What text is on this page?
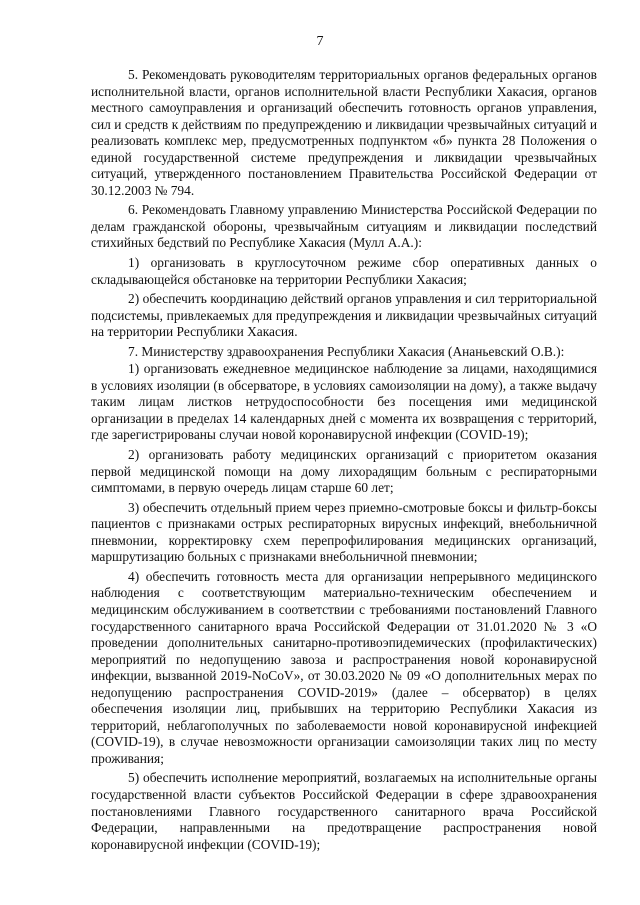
7

5. Рекомендовать руководителям территориальных органов федеральных органов исполнительной власти, органов исполнительной власти Республики Хакасия, органов местного самоуправления и организаций обеспечить готовность органов управления, сил и средств к действиям по предупреждению и ликвидации чрезвычайных ситуаций и реализовать комплекс мер, предусмотренных подпунктом «б» пункта 28 Положения о единой государственной системе предупреждения и ликвидации чрезвычайных ситуаций, утвержденного постановлением Правительства Российской Федерации от 30.12.2003 № 794.

6. Рекомендовать Главному управлению Министерства Российской Федерации по делам гражданской обороны, чрезвычайным ситуациям и ликвидации последствий стихийных бедствий по Республике Хакасия (Мулл А.А.):

1) организовать в круглосуточном режиме сбор оперативных данных о складывающейся обстановке на территории Республики Хакасия;

2) обеспечить координацию действий органов управления и сил территориальной подсистемы, привлекаемых для предупреждения и ликвидации чрезвычайных ситуаций на территории Республики Хакасия.

7. Министерству здравоохранения Республики Хакасия (Ананьевский О.В.):

1) организовать ежедневное медицинское наблюдение за лицами, находящимися в условиях изоляции (в обсерваторе, в условиях самоизоляции на дому), а также выдачу таким лицам листков нетрудоспособности без посещения ими медицинской организации в пределах 14 календарных дней с момента их возвращения с территорий, где зарегистрированы случаи новой коронавирусной инфекции (COVID-19);

2) организовать работу медицинских организаций с приоритетом оказания первой медицинской помощи на дому лихорадящим больным с респираторными симптомами, в первую очередь лицам старше 60 лет;

3) обеспечить отдельный прием через приемно-смотровые боксы и фильтр-боксы пациентов с признаками острых респираторных вирусных инфекций, внебольничной пневмонии, корректировку схем перепрофилирования медицинских организаций, маршрутизацию больных с признаками внебольничной пневмонии;

4) обеспечить готовность места для организации непрерывного медицинского наблюдения с соответствующим материально-техническим обеспечением и медицинским обслуживанием в соответствии с требованиями постановлений Главного государственного санитарного врача Российской Федерации от 31.01.2020 № 3 «О проведении дополнительных санитарно-противоэпидемических (профилактических) мероприятий по недопущению завоза и распространения новой коронавирусной инфекции, вызванной 2019-NoCoV», от 30.03.2020 № 09 «О дополнительных мерах по недопущению распространения COVID-2019» (далее – обсерватор) в целях обеспечения изоляции лиц, прибывших на территорию Республики Хакасия из территорий, неблагополучных по заболеваемости новой коронавирусной инфекцией (COVID-19), в случае невозможности организации самоизоляции таких лиц по месту проживания;

5) обеспечить исполнение мероприятий, возлагаемых на исполнительные органы государственной власти субъектов Российской Федерации в сфере здравоохранения постановлениями Главного государственного санитарного врача Российской Федерации, направленными на предотвращение распространения новой коронавирусной инфекции (COVID-19);
